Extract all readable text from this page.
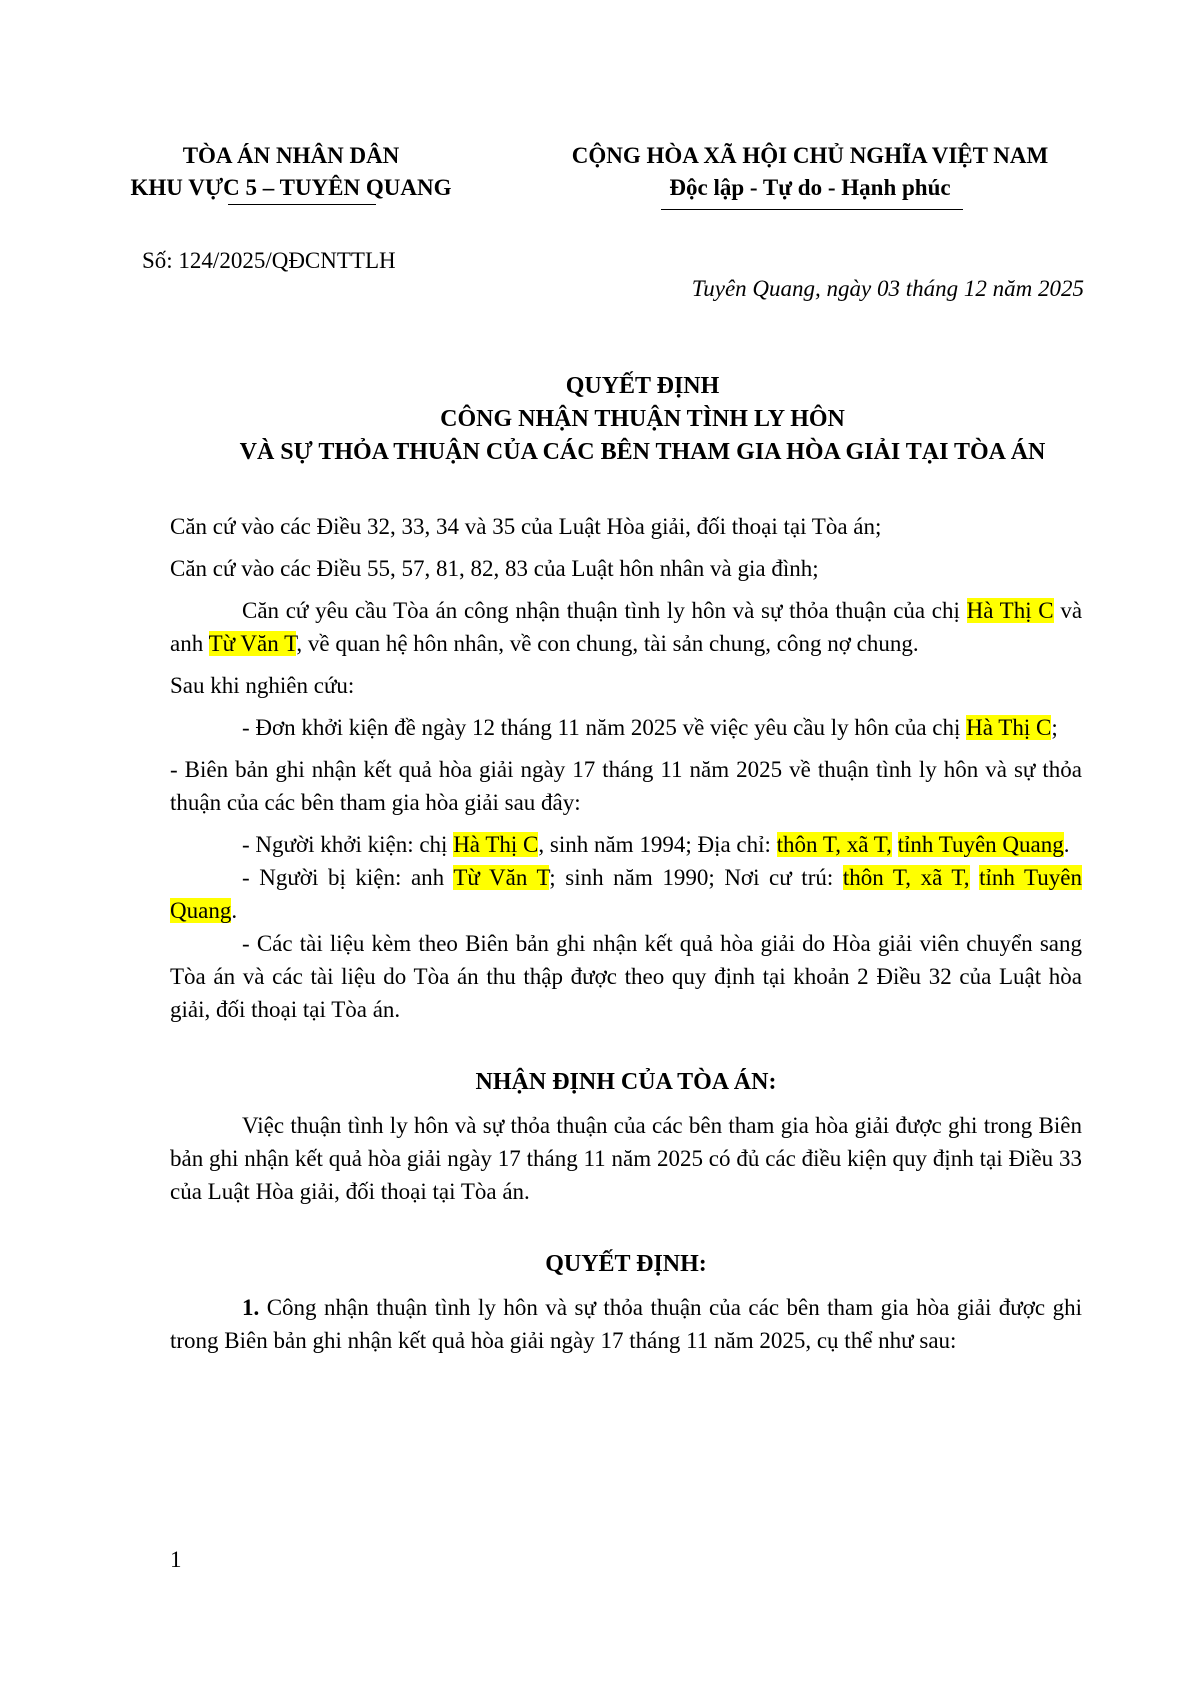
TÒA ÁN NHÂN DÂN
KHU VỰC 5 – TUYÊN QUANG
CỘNG HÒA XÃ HỘI CHỦ NGHĨA VIỆT NAM
Độc lập - Tự do - Hạnh phúc
Số: 124/2025/QĐCNTTLH
Tuyên Quang, ngày 03 tháng 12 năm 2025
QUYẾT ĐỊNH
CÔNG NHẬN THUẬN TÌNH LY HÔN
VÀ SỰ THỎA THUẬN CỦA CÁC BÊN THAM GIA HÒA GIẢI TẠI TÒA ÁN

Căn cứ vào các Điều 32, 33, 34 và 35 của Luật Hòa giải, đối thoại tại Tòa án;

Căn cứ vào các Điều 55, 57, 81, 82, 83 của Luật hôn nhân và gia đình;

Căn cứ yêu cầu Tòa án công nhận thuận tình ly hôn và sự thỏa thuận của chị Hà Thị C và anh Từ Văn T, về quan hệ hôn nhân, về con chung, tài sản chung, công nợ chung.

Sau khi nghiên cứu:

- Đơn khởi kiện đề ngày 12 tháng 11 năm 2025 về việc yêu cầu ly hôn của chị Hà Thị C;

- Biên bản ghi nhận kết quả hòa giải ngày 17 tháng 11 năm 2025 về thuận tình ly hôn và sự thỏa thuận của các bên tham gia hòa giải sau đây:

- Người khởi kiện: chị Hà Thị C, sinh năm 1994; Địa chỉ: thôn T, xã T, tỉnh Tuyên Quang.

- Người bị kiện: anh Từ Văn T; sinh năm 1990; Nơi cư trú: thôn T, xã T, tỉnh Tuyên Quang.

- Các tài liệu kèm theo Biên bản ghi nhận kết quả hòa giải do Hòa giải viên chuyển sang Tòa án và các tài liệu do Tòa án thu thập được theo quy định tại khoản 2 Điều 32 của Luật hòa giải, đối thoại tại Tòa án.

NHẬN ĐỊNH CỦA TÒA ÁN:

Việc thuận tình ly hôn và sự thỏa thuận của các bên tham gia hòa giải được ghi trong Biên bản ghi nhận kết quả hòa giải ngày 17 tháng 11 năm 2025 có đủ các điều kiện quy định tại Điều 33 của Luật Hòa giải, đối thoại tại Tòa án.

QUYẾT ĐỊNH:

1. Công nhận thuận tình ly hôn và sự thỏa thuận của các bên tham gia hòa giải được ghi trong Biên bản ghi nhận kết quả hòa giải ngày 17 tháng 11 năm 2025, cụ thể như sau:

1
